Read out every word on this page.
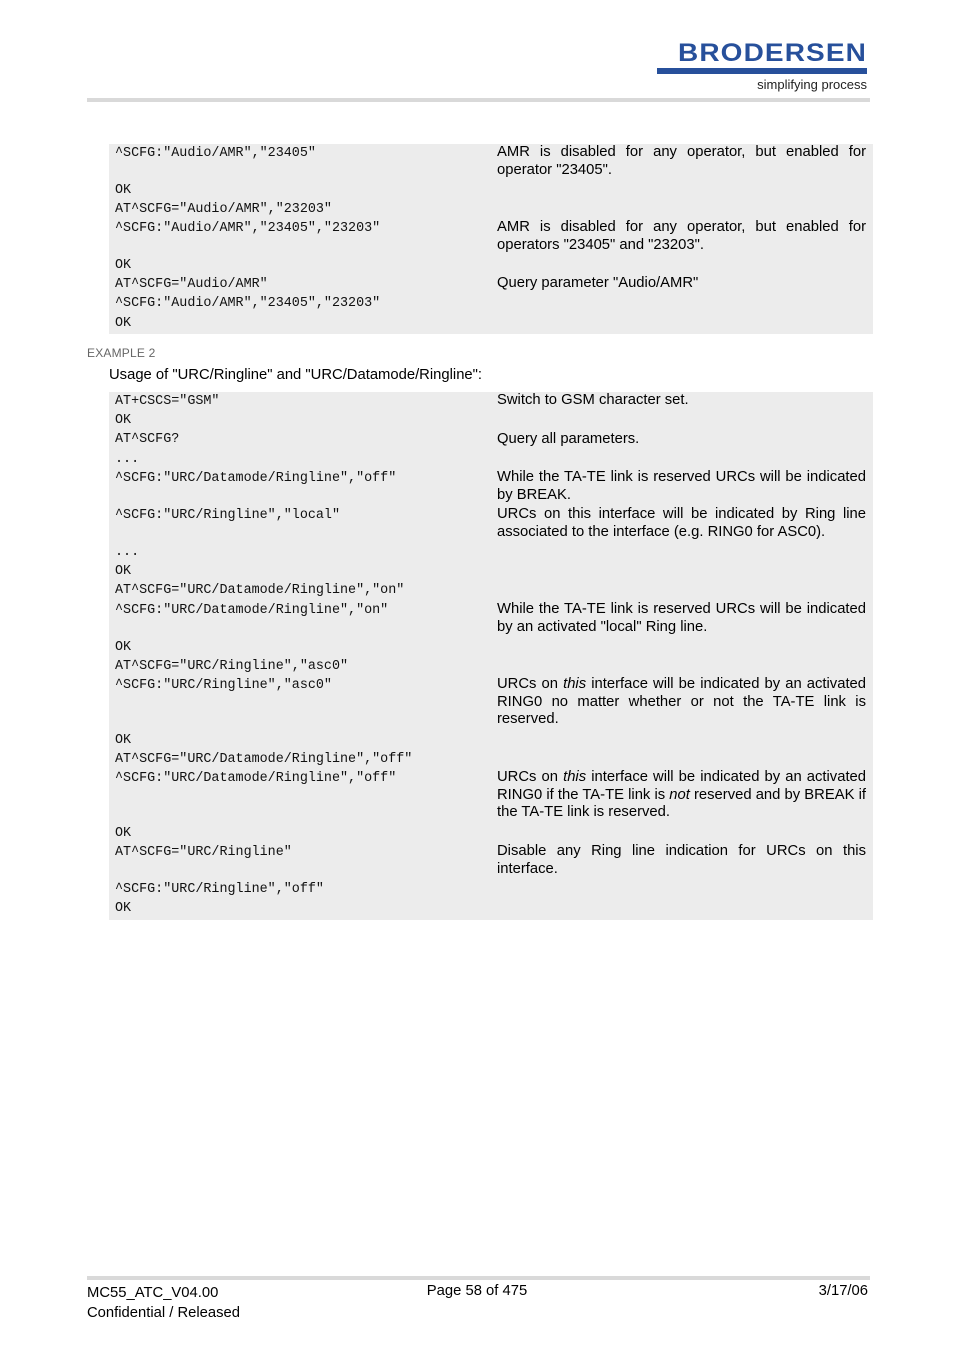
BRODERSEN
simplifying process
^SCFG:"Audio/AMR","23405"
OK
AT^SCFG="Audio/AMR","23203"
^SCFG:"Audio/AMR","23405","23203"
OK
AT^SCFG="Audio/AMR"
^SCFG:"Audio/AMR","23405","23203"
OK
AMR is disabled for any operator, but enabled for operator "23405".
AMR is disabled for any operator, but enabled for operators "23405" and "23203".
Query parameter "Audio/AMR"
EXAMPLE 2
Usage of "URC/Ringline" and "URC/Datamode/Ringline":
AT+CSCS="GSM"
OK
AT^SCFG?
...
^SCFG:"URC/Datamode/Ringline","off"
^SCFG:"URC/Ringline","local"
...
OK
AT^SCFG="URC/Datamode/Ringline","on"
^SCFG:"URC/Datamode/Ringline","on"
OK
AT^SCFG="URC/Ringline","asc0"
^SCFG:"URC/Ringline","asc0"
OK
AT^SCFG="URC/Datamode/Ringline","off"
^SCFG:"URC/Datamode/Ringline","off"
OK
AT^SCFG="URC/Ringline"
^SCFG:"URC/Ringline","off"
OK
Switch to GSM character set.
Query all parameters.
While the TA-TE link is reserved URCs will be indicated by BREAK.
URCs on this interface will be indicated by Ring line associated to the interface (e.g. RING0 for ASC0).
While the TA-TE link is reserved URCs will be indicated by an activated "local" Ring line.
URCs on this interface will be indicated by an activated RING0 no matter whether or not the TA-TE link is reserved.
URCs on this interface will be indicated by an activated RING0 if the TA-TE link is not reserved and by BREAK if the TA-TE link is reserved.
Disable any Ring line indication for URCs on this interface.
MC55_ATC_V04.00
Confidential / Released
Page 58 of 475	3/17/06
